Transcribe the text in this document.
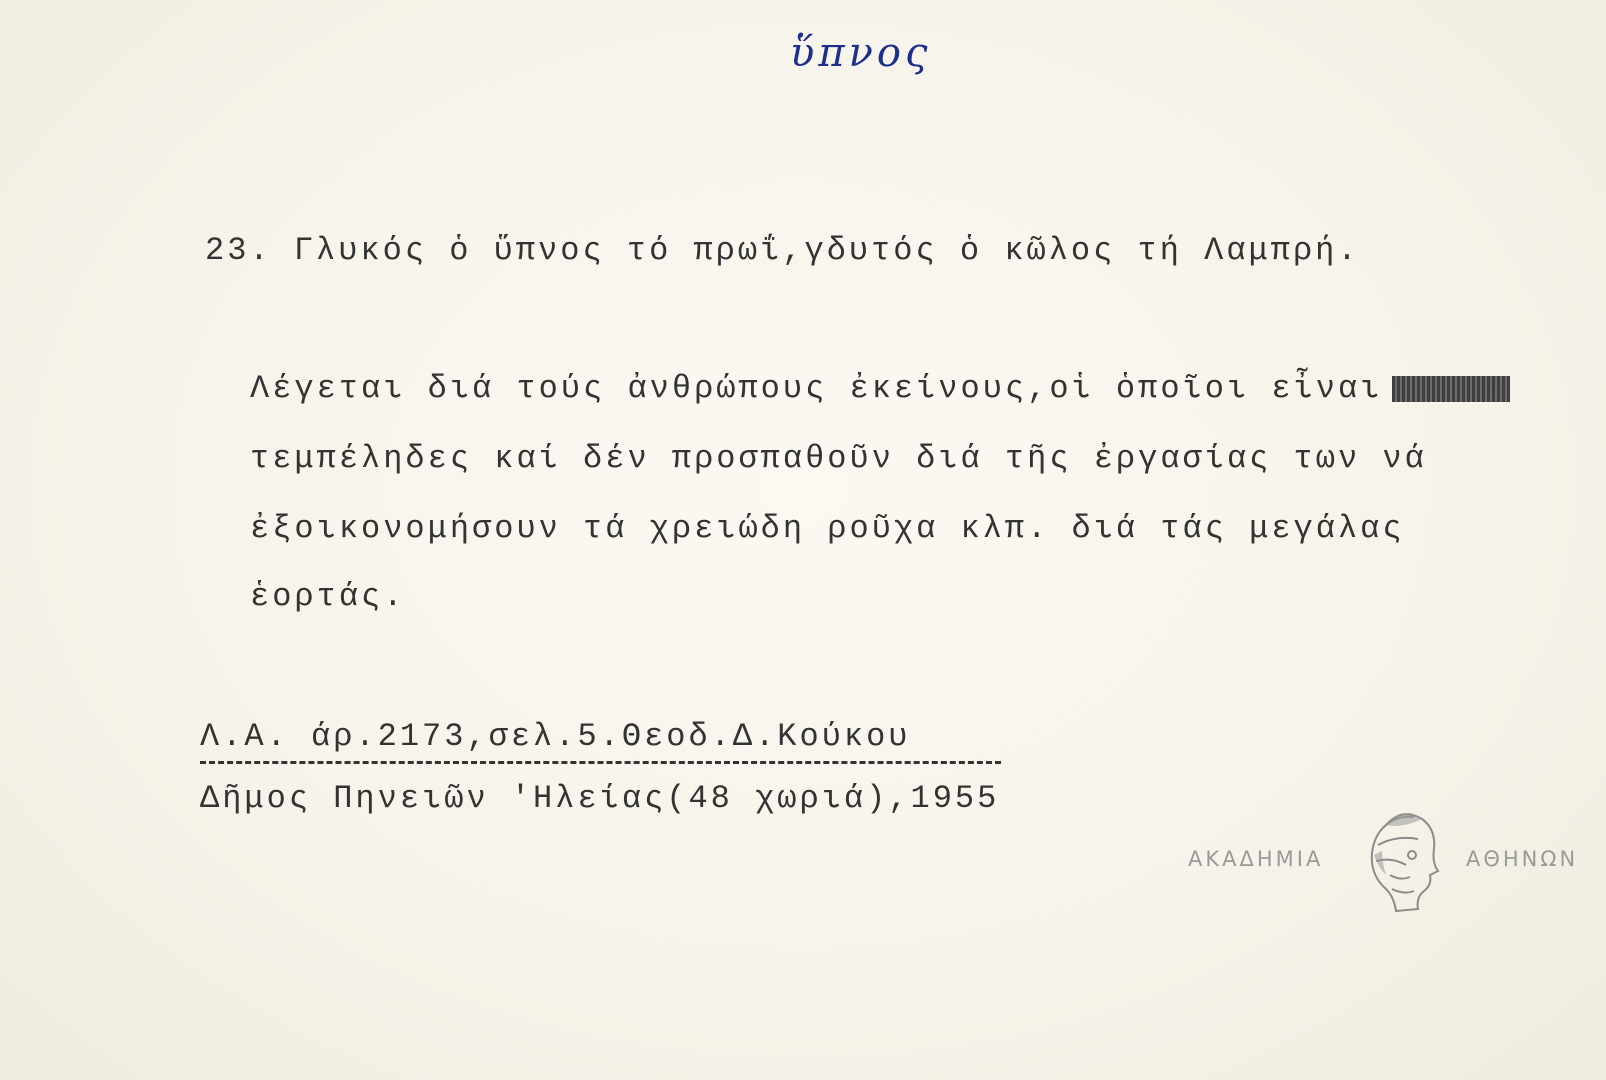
ὕπνος
23. Γλυκός ὁ ὕπνος τό πρωΐ,γδυτός ὁ κῶλος τή Λαμπρή.
Λέγεται διά τούς ἀνθρώπους ἐκείνους,οἱ ὁποῖοι εἶναι
τεμπέληδες καί δέν προσπαθοῦν διά τῆς ἐργασίας των νά
ἐξοικονομήσουν τά χρειώδη ροῦχα κλπ. διά τάς μεγάλας
ἑορτάς.
Λ.Α. άρ.2173,σελ.5.Θεοδ.Δ.Κούκου
Δῆμος Πηνειῶν 'Ηλείας(48 χωριά),1955
ΑΚΑΔΗΜΙΑ	ΑΘΗΝΩΝ
